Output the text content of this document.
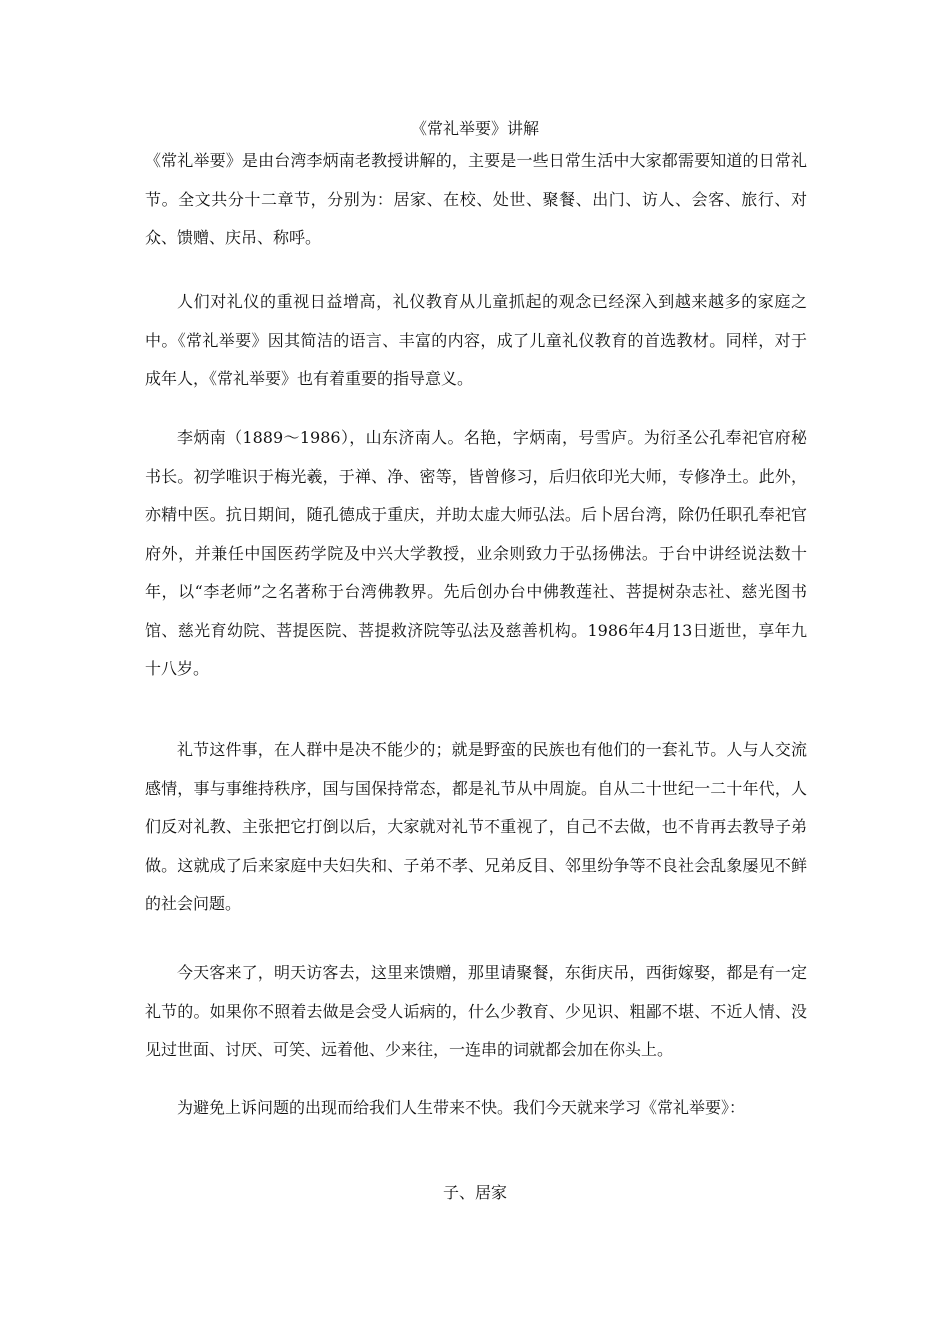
《常礼举要》讲解

《常礼举要》是由台湾李炳南老教授讲解的，主要是一些日常生活中大家都需要知道的日常礼节。全文共分十二章节，分别为：居家、在校、处世、聚餐、出门、访人、会客、旅行、对众、馈赠、庆吊、称呼。

人们对礼仪的重视日益增高，礼仪教育从儿童抓起的观念已经深入到越来越多的家庭之中。《常礼举要》因其简洁的语言、丰富的内容，成了儿童礼仪教育的首选教材。同样，对于成年人，《常礼举要》也有着重要的指导意义。

李炳南（1889～1986），山东济南人。名艳，字炳南，号雪庐。为衍圣公孔奉祀官府秘书长。初学唯识于梅光羲，于禅、净、密等，皆曾修习，后归依印光大师，专修净土。此外，亦精中医。抗日期间，随孔德成于重庆，并助太虚大师弘法。后卜居台湾，除仍任职孔奉祀官府外，并兼任中国医药学院及中兴大学教授，业余则致力于弘扬佛法。于台中讲经说法数十年，以“李老师”之名著称于台湾佛教界。先后创办台中佛教莲社、菩提树杂志社、慈光图书馆、慈光育幼院、菩提医院、菩提救济院等弘法及慈善机构。1986年4月13日逝世，享年九十八岁。

礼节这件事，在人群中是决不能少的；就是野蛮的民族也有他们的一套礼节。人与人交流感情，事与事维持秩序，国与国保持常态，都是礼节从中周旋。自从二十世纪一二十年代，人们反对礼教、主张把它打倒以后，大家就对礼节不重视了，自己不去做，也不肯再去教导子弟做。这就成了后来家庭中夫妇失和、子弟不孝、兄弟反目、邻里纷争等不良社会乱象屡见不鲜的社会问题。

今天客来了，明天访客去，这里来馈赠，那里请聚餐，东街庆吊，西街嫁娶，都是有一定礼节的。如果你不照着去做是会受人诟病的，什么少教育、少见识、粗鄙不堪、不近人情、没见过世面、讨厌、可笑、远着他、少来往，一连串的词就都会加在你头上。

为避免上诉问题的出现而给我们人生带来不快。我们今天就来学习《常礼举要》：

子、居家
